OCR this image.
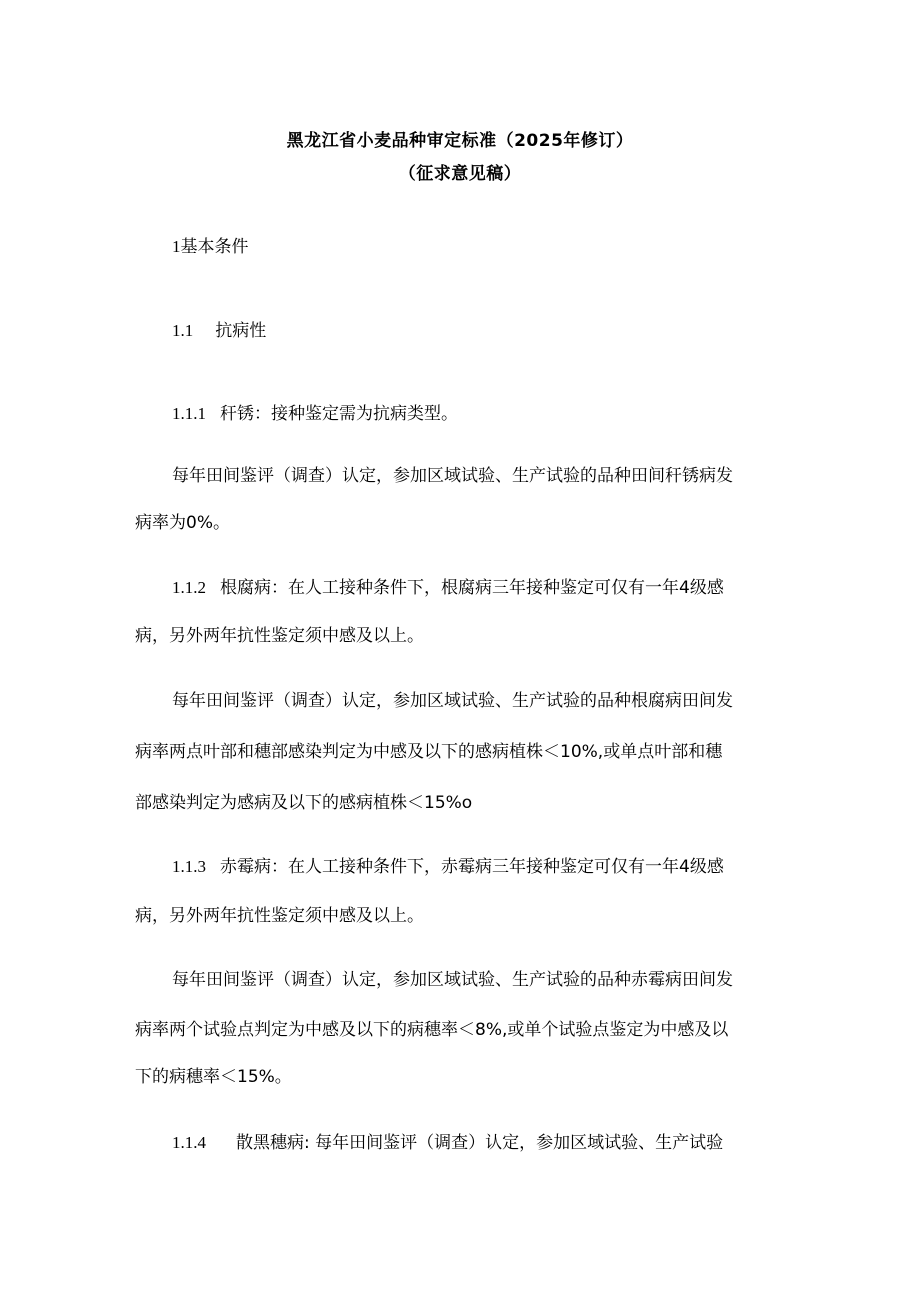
黑龙江省小麦品种审定标准（2025年修订）
（征求意见稿）
1基本条件
1.1 抗病性
1.1.1 秆锈：接种鉴定需为抗病类型。
每年田间鉴评（调查）认定，参加区域试验、生产试验的品种田间秆锈病发
病率为0%。
1.1.2 根腐病：在人工接种条件下，根腐病三年接种鉴定可仅有一年4级感
病，另外两年抗性鉴定须中感及以上。
每年田间鉴评（调查）认定，参加区域试验、生产试验的品种根腐病田间发
病率两点叶部和穗部感染判定为中感及以下的感病植株＜10%,或单点叶部和穗
部感染判定为感病及以下的感病植株＜15%o
1.1.3 赤霉病：在人工接种条件下，赤霉病三年接种鉴定可仅有一年4级感
病，另外两年抗性鉴定须中感及以上。
每年田间鉴评（调查）认定，参加区域试验、生产试验的品种赤霉病田间发
病率两个试验点判定为中感及以下的病穗率＜8%,或单个试验点鉴定为中感及以
下的病穗率＜15%。
1.1.4 散黑穗病: 每年田间鉴评（调查）认定，参加区域试验、生产试验
